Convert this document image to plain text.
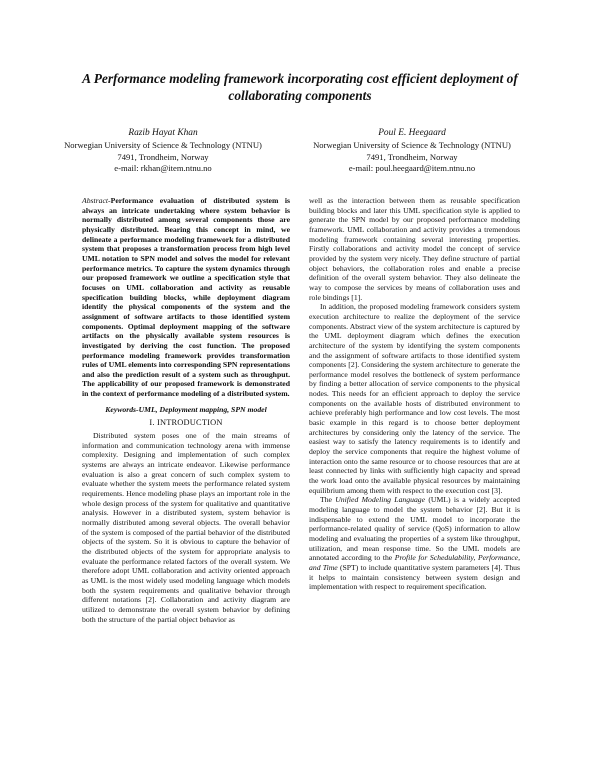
A Performance modeling framework incorporating cost efficient deployment of collaborating components
Razib Hayat Khan
Norwegian University of Science & Technology (NTNU)
7491, Trondheim, Norway
e-mail: rkhan@item.ntnu.no
Poul E. Heegaard
Norwegian University of Science & Technology (NTNU)
7491, Trondheim, Norway
e-mail: poul.heegaard@item.ntnu.no

Abstract-Performance evaluation of distributed system is always an intricate undertaking where system behavior is normally distributed among several components those are physically distributed. Bearing this concept in mind, we delineate a performance modeling framework for a distributed system that proposes a transformation process from high level UML notation to SPN model and solves the model for relevant performance metrics. To capture the system dynamics through our proposed framework we outline a specification style that focuses on UML collaboration and activity as reusable specification building blocks, while deployment diagram identify the physical components of the system and the assignment of software artifacts to those identified system components. Optimal deployment mapping of the software artifacts on the physically available system resources is investigated by deriving the cost function. The proposed performance modeling framework provides transformation rules of UML elements into corresponding SPN representations and also the prediction result of a system such as throughput. The applicability of our proposed framework is demonstrated in the context of performance modeling of a distributed system.

Keywords-UML, Deployment mapping, SPN model

I. INTRODUCTION

Distributed system poses one of the main streams of information and communication technology arena with immense complexity. Designing and implementation of such complex systems are always an intricate endeavor. Likewise performance evaluation is also a great concern of such complex system to evaluate whether the system meets the performance related system requirements. Hence modeling phase plays an important role in the whole design process of the system for qualitative and quantitative analysis. However in a distributed system, system behavior is normally distributed among several objects. The overall behavior of the system is composed of the partial behavior of the distributed objects of the system. So it is obvious to capture the behavior of the distributed objects of the system for appropriate analysis to evaluate the performance related factors of the overall system. We therefore adopt UML collaboration and activity oriented approach as UML is the most widely used modeling language which models both the system requirements and qualitative behavior through different notations [2]. Collaboration and activity diagram are utilized to demonstrate the overall system behavior by defining both the structure of the partial object behavior as

well as the interaction between them as reusable specification building blocks and later this UML specification style is applied to generate the SPN model by our proposed performance modeling framework. UML collaboration and activity provides a tremendous modeling framework containing several interesting properties. Firstly collaborations and activity model the concept of service provided by the system very nicely. They define structure of partial object behaviors, the collaboration roles and enable a precise definition of the overall system behavior. They also delineate the way to compose the services by means of collaboration uses and role bindings [1].

In addition, the proposed modeling framework considers system execution architecture to realize the deployment of the service components. Abstract view of the system architecture is captured by the UML deployment diagram which defines the execution architecture of the system by identifying the system components and the assignment of software artifacts to those identified system components [2]. Considering the system architecture to generate the performance model resolves the bottleneck of system performance by finding a better allocation of service components to the physical nodes. This needs for an efficient approach to deploy the service components on the available hosts of distributed environment to achieve preferably high performance and low cost levels. The most basic example in this regard is to choose better deployment architectures by considering only the latency of the service. The easiest way to satisfy the latency requirements is to identify and deploy the service components that require the highest volume of interaction onto the same resource or to choose resources that are at least connected by links with sufficiently high capacity and spread the work load onto the available physical resources by maintaining equilibrium among them with respect to the execution cost [3].

The Unified Modeling Language (UML) is a widely accepted modeling language to model the system behavior [2]. But it is indispensable to extend the UML model to incorporate the performance-related quality of service (QoS) information to allow modeling and evaluating the properties of a system like throughput, utilization, and mean response time. So the UML models are annotated according to the Profile for Schedulability, Performance, and Time (SPT) to include quantitative system parameters [4]. Thus it helps to maintain consistency between system design and implementation with respect to requirement specification.
